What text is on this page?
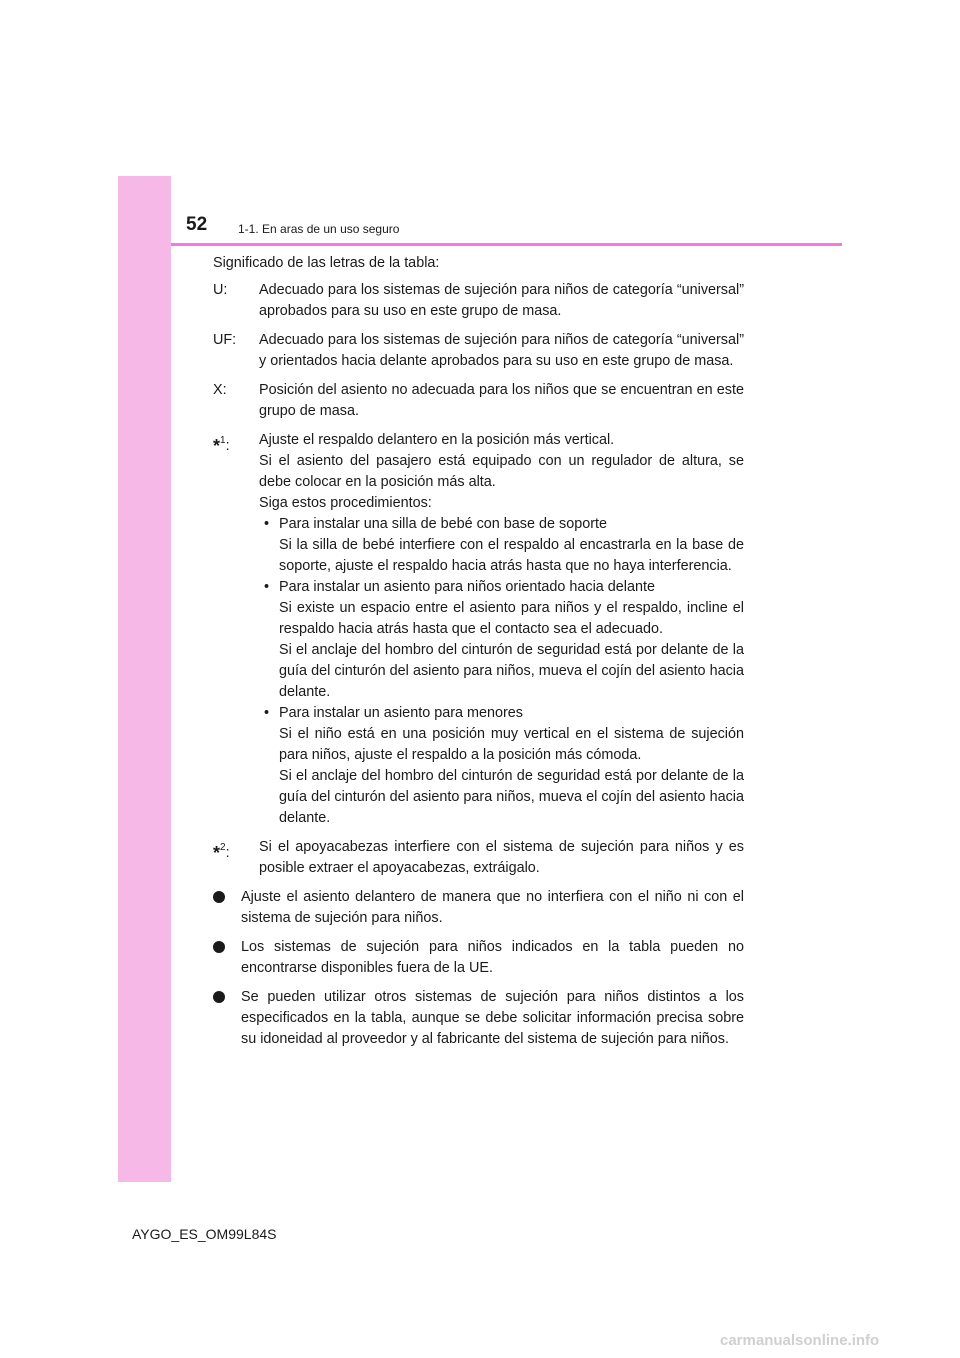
52	1-1. En aras de un uso seguro

Significado de las letras de la tabla:

U: Adecuado para los sistemas de sujeción para niños de categoría “universal” aprobados para su uso en este grupo de masa.
UF: Adecuado para los sistemas de sujeción para niños de categoría “universal” y orientados hacia delante aprobados para su uso en este grupo de masa.
X: Posición del asiento no adecuada para los niños que se encuentran en este grupo de masa.
*$^1$: Ajuste el respaldo delantero en la posición más vertical.

Si el asiento del pasajero está equipado con un regulador de altura, se debe colocar en la posición más alta.

Siga estos procedimientos:

• Para instalar una silla de bebé con base de soporte

Si la silla de bebé interfiere con el respaldo al encastrarla en la base de soporte, ajuste el respaldo hacia atrás hasta que no haya interferencia.

• Para instalar un asiento para niños orientado hacia delante

Si existe un espacio entre el asiento para niños y el respaldo, incline el respaldo hacia atrás hasta que el contacto sea el adecuado.

Si el anclaje del hombro del cinturón de seguridad está por delante de la guía del cinturón del asiento para niños, mueva el cojín del asiento hacia delante.

• Para instalar un asiento para menores

Si el niño está en una posición muy vertical en el sistema de sujeción para niños, ajuste el respaldo a la posición más cómoda.

Si el anclaje del hombro del cinturón de seguridad está por delante de la guía del cinturón del asiento para niños, mueva el cojín del asiento hacia delante.

*$^2$: Si el apoyacabezas interfiere con el sistema de sujeción para niños y es posible extraer el apoyacabezas, extráigalo.
Ajuste el asiento delantero de manera que no interfiera con el niño ni con el sistema de sujeción para niños.
Los sistemas de sujeción para niños indicados en la tabla pueden no encontrarse disponibles fuera de la UE.
Se pueden utilizar otros sistemas de sujeción para niños distintos a los especificados en la tabla, aunque se debe solicitar información precisa sobre su idoneidad al proveedor y al fabricante del sistema de sujeción para niños.
AYGO_ES_OM99L84S
carmanualsonline.info
